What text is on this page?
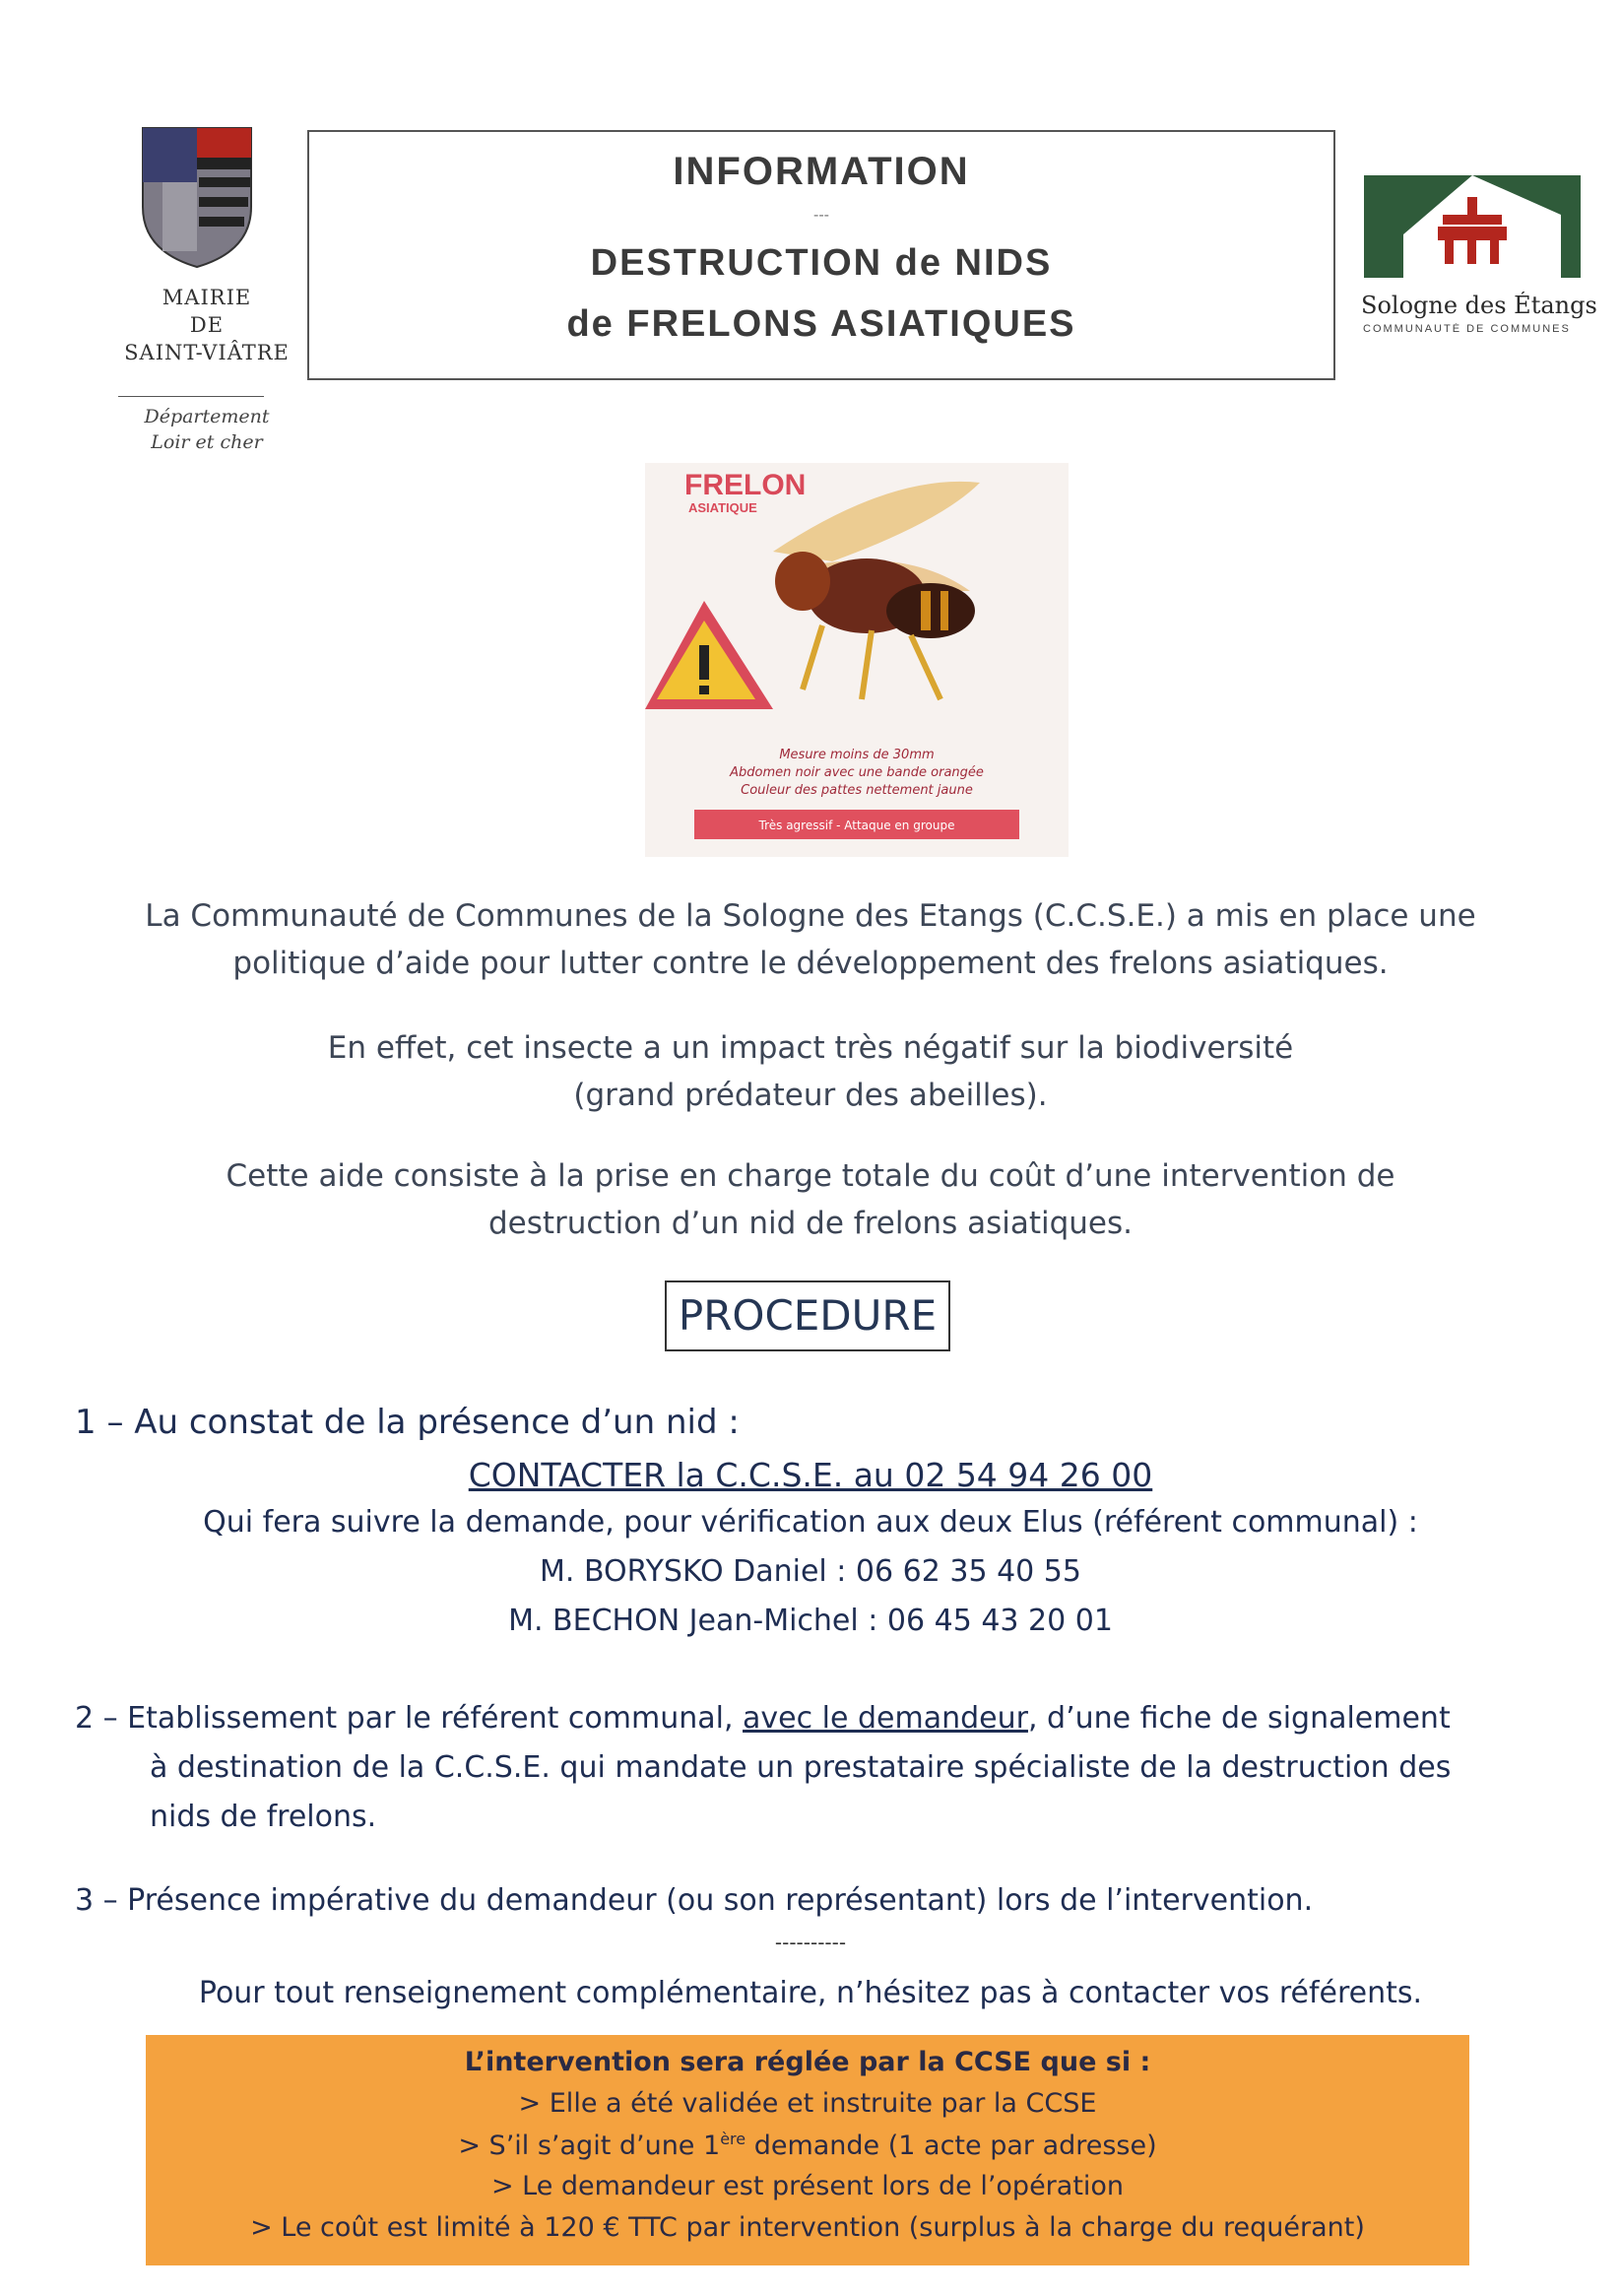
MAIRIE
DE
SAINT-VIÂTRE
Département
Loir et cher
INFORMATION
---
DESTRUCTION de NIDS
de FRELONS ASIATIQUES	Sologne des Étangs
COMMUNAUTÉ DE COMMUNES
FRELON
ASIATIQUE
Mesure moins de 30mm
Abdomen noir avec une bande orangée
Couleur des pattes nettement jaune
Très agressif - Attaque en groupe
La Communauté de Communes de la Sologne des Etangs (C.C.S.E.) a mis en place une
politique d’aide pour lutter contre le développement des frelons asiatiques.
En effet, cet insecte a un impact très négatif sur la biodiversité
(grand prédateur des abeilles).
Cette aide consiste à la prise en charge totale du coût d’une intervention de
destruction d’un nid de frelons asiatiques.
PROCEDURE
1 – Au constat de la présence d’un nid :
CONTACTER la C.C.S.E. au 02 54 94 26 00
Qui fera suivre la demande, pour vérification aux deux Elus (référent communal) :
M. BORYSKO Daniel : 06 62 35 40 55
M. BECHON Jean-Michel : 06 45 43 20 01
2 – Etablissement par le référent communal, avec le demandeur, d’une fiche de signalement
à destination de la C.C.S.E. qui mandate un prestataire spécialiste de la destruction des
nids de frelons.
3 – Présence impérative du demandeur (ou son représentant) lors de l’intervention.
----------
Pour tout renseignement complémentaire, n’hésitez pas à contacter vos référents.
L’intervention sera réglée par la CCSE que si :
> Elle a été validée et instruite par la CCSE
> S’il s’agit d’une 1ère demande (1 acte par adresse)
> Le demandeur est présent lors de l’opération
> Le coût est limité à 120 € TTC par intervention (surplus à la charge du requérant)
